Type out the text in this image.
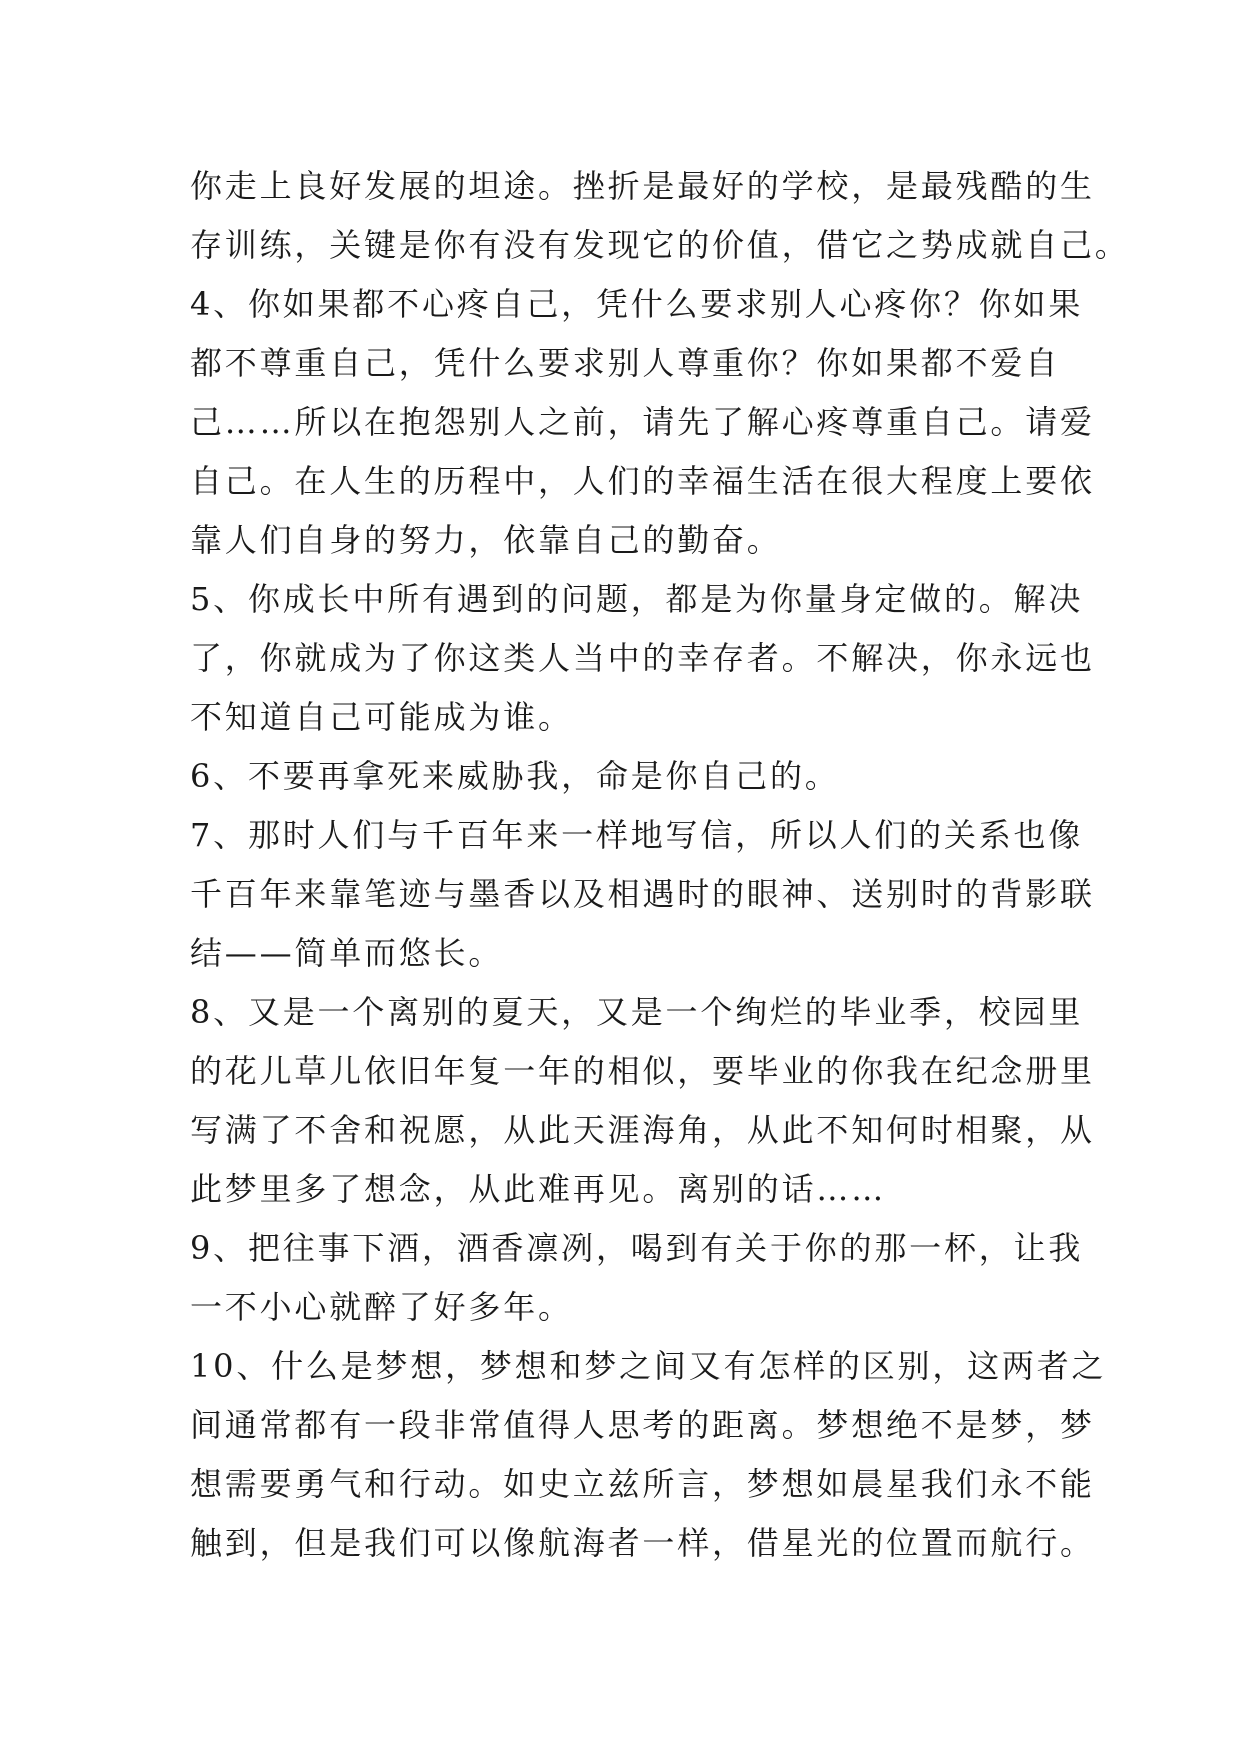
你走上良好发展的坦途。挫折是最好的学校，是最残酷的生
存训练，关键是你有没有发现它的价值，借它之势成就自己。
4、你如果都不心疼自己，凭什么要求别人心疼你？你如果
都不尊重自己，凭什么要求别人尊重你？你如果都不爱自
己……所以在抱怨别人之前，请先了解心疼尊重自己。请爱
自己。在人生的历程中，人们的幸福生活在很大程度上要依
靠人们自身的努力，依靠自己的勤奋。
5、你成长中所有遇到的问题，都是为你量身定做的。解决
了，你就成为了你这类人当中的幸存者。不解决，你永远也
不知道自己可能成为谁。
6、不要再拿死来威胁我，命是你自己的。
7、那时人们与千百年来一样地写信，所以人们的关系也像
千百年来靠笔迹与墨香以及相遇时的眼神、送别时的背影联
结——简单而悠长。
8、又是一个离别的夏天，又是一个绚烂的毕业季，校园里
的花儿草儿依旧年复一年的相似，要毕业的你我在纪念册里
写满了不舍和祝愿，从此天涯海角，从此不知何时相聚，从
此梦里多了想念，从此难再见。离别的话……
9、把往事下酒，酒香凛冽，喝到有关于你的那一杯，让我
一不小心就醉了好多年。
10、什么是梦想，梦想和梦之间又有怎样的区别，这两者之
间通常都有一段非常值得人思考的距离。梦想绝不是梦，梦
想需要勇气和行动。如史立兹所言，梦想如晨星我们永不能
触到，但是我们可以像航海者一样，借星光的位置而航行。
